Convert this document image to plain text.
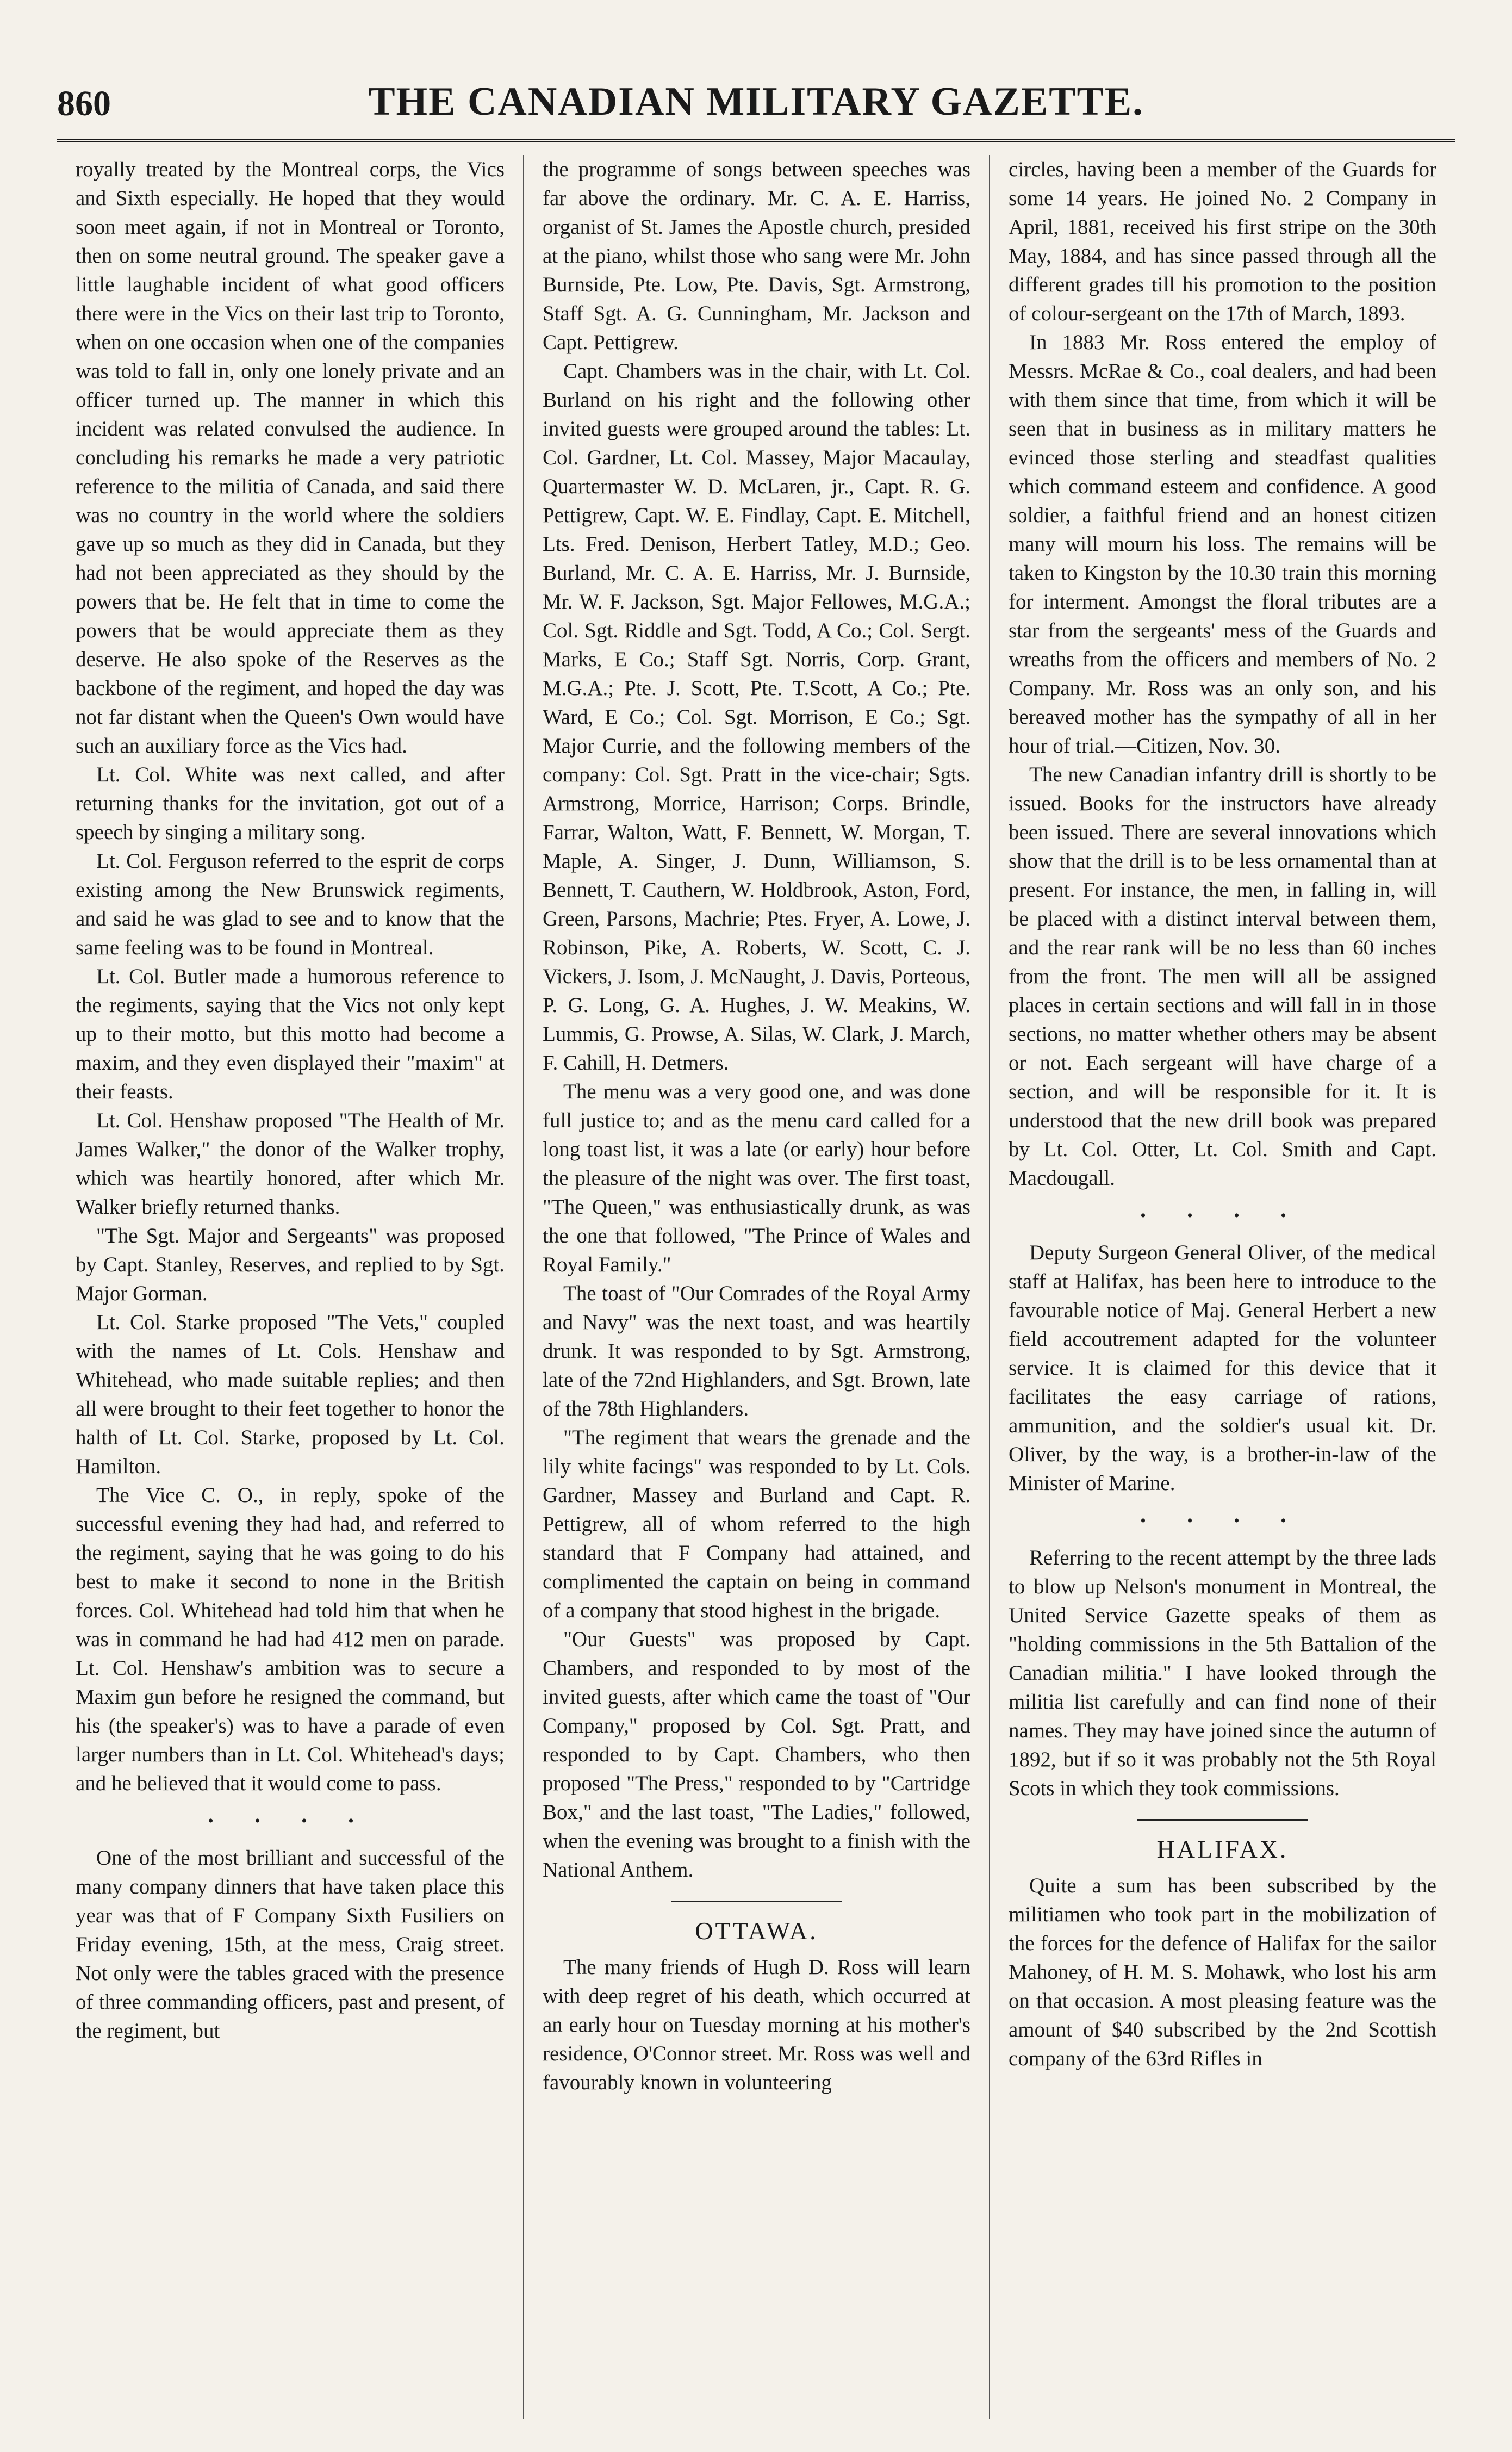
860	THE CANADIAN MILITARY GAZETTE.

royally treated by the Montreal corps, the Vics and Sixth especially. He hoped that they would soon meet again, if not in Montreal or Toronto, then on some neutral ground. The speaker gave a little laughable incident of what good officers there were in the Vics on their last trip to Toronto, when on one occasion when one of the companies was told to fall in, only one lonely private and an officer turned up. The manner in which this incident was related convulsed the audience. In concluding his remarks he made a very patriotic reference to the militia of Canada, and said there was no country in the world where the soldiers gave up so much as they did in Canada, but they had not been appreciated as they should by the powers that be. He felt that in time to come the powers that be would appreciate them as they deserve. He also spoke of the Reserves as the backbone of the regiment, and hoped the day was not far distant when the Queen's Own would have such an auxiliary force as the Vics had.

Lt. Col. White was next called, and after returning thanks for the invitation, got out of a speech by singing a military song.

Lt. Col. Ferguson referred to the esprit de corps existing among the New Brunswick regiments, and said he was glad to see and to know that the same feeling was to be found in Montreal.

Lt. Col. Butler made a humorous reference to the regiments, saying that the Vics not only kept up to their motto, but this motto had become a maxim, and they even displayed their "maxim" at their feasts.

Lt. Col. Henshaw proposed "The Health of Mr. James Walker," the donor of the Walker trophy, which was heartily honored, after which Mr. Walker briefly returned thanks.

"The Sgt. Major and Sergeants" was proposed by Capt. Stanley, Reserves, and replied to by Sgt. Major Gorman.

Lt. Col. Starke proposed "The Vets," coupled with the names of Lt. Cols. Henshaw and Whitehead, who made suitable replies; and then all were brought to their feet together to honor the halth of Lt. Col. Starke, proposed by Lt. Col. Hamilton.

The Vice C. O., in reply, spoke of the successful evening they had had, and referred to the regiment, saying that he was going to do his best to make it second to none in the British forces. Col. Whitehead had told him that when he was in command he had had 412 men on parade. Lt. Col. Henshaw's ambition was to secure a Maxim gun before he resigned the command, but his (the speaker's) was to have a parade of even larger numbers than in Lt. Col. Whitehead's days; and he believed that it would come to pass.

• • • •

One of the most brilliant and successful of the many company dinners that have taken place this year was that of F Company Sixth Fusiliers on Friday evening, 15th, at the mess, Craig street. Not only were the tables graced with the presence of three commanding officers, past and present, of the regiment, but

the programme of songs between speeches was far above the ordinary. Mr. C. A. E. Harriss, organist of St. James the Apostle church, presided at the piano, whilst those who sang were Mr. John Burnside, Pte. Low, Pte. Davis, Sgt. Armstrong, Staff Sgt. A. G. Cunningham, Mr. Jackson and Capt. Pettigrew.

Capt. Chambers was in the chair, with Lt. Col. Burland on his right and the following other invited guests were grouped around the tables: Lt. Col. Gardner, Lt. Col. Massey, Major Macaulay, Quartermaster W. D. McLaren, jr., Capt. R. G. Pettigrew, Capt. W. E. Findlay, Capt. E. Mitchell, Lts. Fred. Denison, Herbert Tatley, M.D.; Geo. Burland, Mr. C. A. E. Harriss, Mr. J. Burnside, Mr. W. F. Jackson, Sgt. Major Fellowes, M.G.A.; Col. Sgt. Riddle and Sgt. Todd, A Co.; Col. Sergt. Marks, E Co.; Staff Sgt. Norris, Corp. Grant, M.G.A.; Pte. J. Scott, Pte. T.Scott, A Co.; Pte. Ward, E Co.; Col. Sgt. Morrison, E Co.; Sgt. Major Currie, and the following members of the company: Col. Sgt. Pratt in the vice-chair; Sgts. Armstrong, Morrice, Harrison; Corps. Brindle, Farrar, Walton, Watt, F. Bennett, W. Morgan, T. Maple, A. Singer, J. Dunn, Williamson, S. Bennett, T. Cauthern, W. Holdbrook, Aston, Ford, Green, Parsons, Machrie; Ptes. Fryer, A. Lowe, J. Robinson, Pike, A. Roberts, W. Scott, C. J. Vickers, J. Isom, J. McNaught, J. Davis, Porteous, P. G. Long, G. A. Hughes, J. W. Meakins, W. Lummis, G. Prowse, A. Silas, W. Clark, J. March, F. Cahill, H. Detmers.

The menu was a very good one, and was done full justice to; and as the menu card called for a long toast list, it was a late (or early) hour before the pleasure of the night was over. The first toast, "The Queen," was enthusiastically drunk, as was the one that followed, "The Prince of Wales and Royal Family."

The toast of "Our Comrades of the Royal Army and Navy" was the next toast, and was heartily drunk. It was responded to by Sgt. Armstrong, late of the 72nd Highlanders, and Sgt. Brown, late of the 78th Highlanders.

"The regiment that wears the grenade and the lily white facings" was responded to by Lt. Cols. Gardner, Massey and Burland and Capt. R. Pettigrew, all of whom referred to the high standard that F Company had attained, and complimented the captain on being in command of a company that stood highest in the brigade.

"Our Guests" was proposed by Capt. Chambers, and responded to by most of the invited guests, after which came the toast of "Our Company," proposed by Col. Sgt. Pratt, and responded to by Capt. Chambers, who then proposed "The Press," responded to by "Cartridge Box," and the last toast, "The Ladies," followed, when the evening was brought to a finish with the National Anthem.

OTTAWA.

The many friends of Hugh D. Ross will learn with deep regret of his death, which occurred at an early hour on Tuesday morning at his mother's residence, O'Connor street. Mr. Ross was well and favourably known in volunteering

circles, having been a member of the Guards for some 14 years. He joined No. 2 Company in April, 1881, received his first stripe on the 30th May, 1884, and has since passed through all the different grades till his promotion to the position of colour-sergeant on the 17th of March, 1893.

In 1883 Mr. Ross entered the employ of Messrs. McRae & Co., coal dealers, and had been with them since that time, from which it will be seen that in business as in military matters he evinced those sterling and steadfast qualities which command esteem and confidence. A good soldier, a faithful friend and an honest citizen many will mourn his loss. The remains will be taken to Kingston by the 10.30 train this morning for interment. Amongst the floral tributes are a star from the sergeants' mess of the Guards and wreaths from the officers and members of No. 2 Company. Mr. Ross was an only son, and his bereaved mother has the sympathy of all in her hour of trial.—Citizen, Nov. 30.

The new Canadian infantry drill is shortly to be issued. Books for the instructors have already been issued. There are several innovations which show that the drill is to be less ornamental than at present. For instance, the men, in falling in, will be placed with a distinct interval between them, and the rear rank will be no less than 60 inches from the front. The men will all be assigned places in certain sections and will fall in in those sections, no matter whether others may be absent or not. Each sergeant will have charge of a section, and will be responsible for it. It is understood that the new drill book was prepared by Lt. Col. Otter, Lt. Col. Smith and Capt. Macdougall.

• • • •

Deputy Surgeon General Oliver, of the medical staff at Halifax, has been here to introduce to the favourable notice of Maj. General Herbert a new field accoutrement adapted for the volunteer service. It is claimed for this device that it facilitates the easy carriage of rations, ammunition, and the soldier's usual kit. Dr. Oliver, by the way, is a brother-in-law of the Minister of Marine.

• • • •

Referring to the recent attempt by the three lads to blow up Nelson's monument in Montreal, the United Service Gazette speaks of them as "holding commissions in the 5th Battalion of the Canadian militia." I have looked through the militia list carefully and can find none of their names. They may have joined since the autumn of 1892, but if so it was probably not the 5th Royal Scots in which they took commissions.

HALIFAX.

Quite a sum has been subscribed by the militiamen who took part in the mobilization of the forces for the defence of Halifax for the sailor Mahoney, of H. M. S. Mohawk, who lost his arm on that occasion. A most pleasing feature was the amount of $40 subscribed by the 2nd Scottish company of the 63rd Rifles in
